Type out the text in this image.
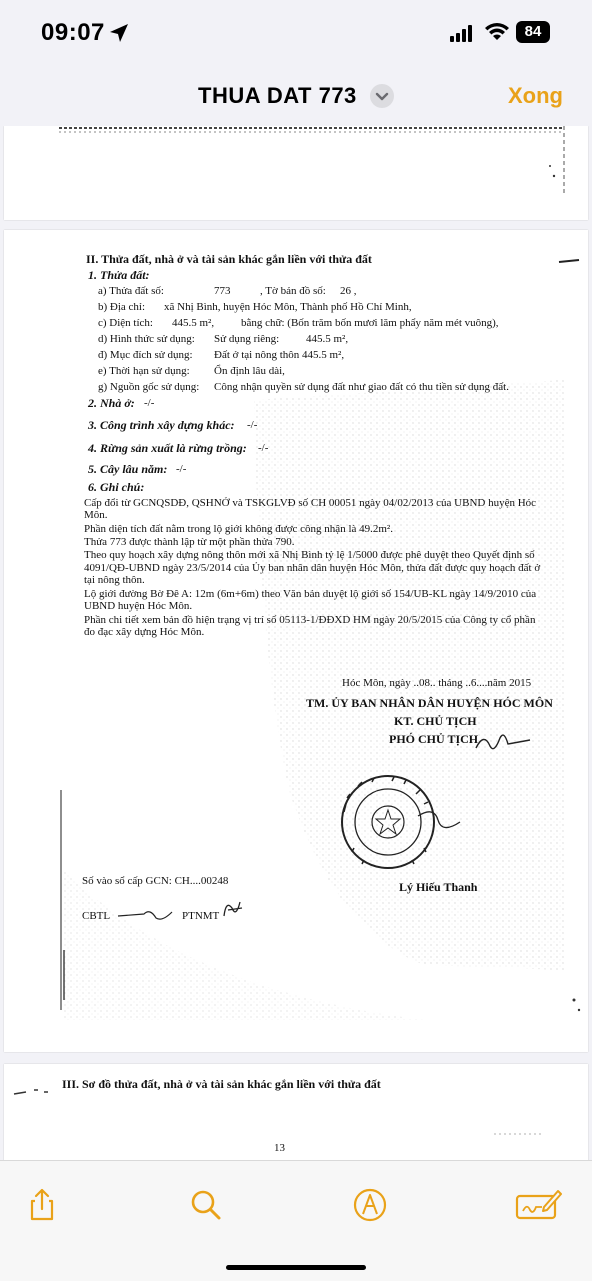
09:07	84
THUA DAT 773	Xong
II. Thửa đất, nhà ở và tài sản khác gắn liền với thửa đất
1. Thửa đất:
a) Thửa đất số:	773	, Tờ bản đồ số: 26 ,
b) Địa chỉ: xã Nhị Bình, huyện Hóc Môn, Thành phố Hồ Chí Minh,
c) Diện tích: 445.5 m², bằng chữ: (Bốn trăm bốn mươi lăm phẩy năm mét vuông),
d) Hình thức sử dụng: Sử dụng riêng: 445.5 m²,
đ) Mục đích sử dụng: Đất ở tại nông thôn 445.5 m²,
e) Thời hạn sử dụng: Ổn định lâu dài,
g) Nguồn gốc sử dụng: Công nhận quyền sử dụng đất như giao đất có thu tiền sử dụng đất.
2. Nhà ở: -/-
3. Công trình xây dựng khác: -/-
4. Rừng sản xuất là rừng trồng: -/-
5. Cây lâu năm: -/-
6. Ghi chú:
Cấp đổi từ GCNQSDĐ, QSHNỞ và TSKGLVĐ số CH 00051 ngày 04/02/2013 của UBND huyện Hóc
Môn.
Phần diện tích đất nằm trong lộ giới không được công nhận là 49.2m².
Thửa 773 được thành lập từ một phần thửa 790.
Theo quy hoạch xây dựng nông thôn mới xã Nhị Bình tỷ lệ 1/5000 được phê duyệt theo Quyết định số
4091/QĐ-UBND ngày 23/5/2014 của Ủy ban nhân dân huyện Hóc Môn, thửa đất được quy hoạch đất ở
tại nông thôn.
Lộ giới đường Bờ Đê A: 12m (6m+6m) theo Văn bản duyệt lộ giới số 154/UB-KL ngày 14/9/2010 của
UBND huyện Hóc Môn.
Phần chi tiết xem bản đồ hiện trạng vị trí số 05113-1/ĐĐXD HM ngày 20/5/2015 của Công ty cổ phần
đo đạc xây dựng Hóc Môn.
Hóc Môn, ngày ..08.. tháng ..6....năm 2015
TM. ỦY BAN NHÂN DÂN HUYỆN HÓC MÔN
KT. CHỦ TỊCH
PHÓ CHỦ TỊCH
Lý Hiếu Thanh
Số vào sổ cấp GCN: CH....00248
CBTL	PTNMT
III. Sơ đồ thửa đất, nhà ở và tài sản khác gắn liền với thửa đất
13
